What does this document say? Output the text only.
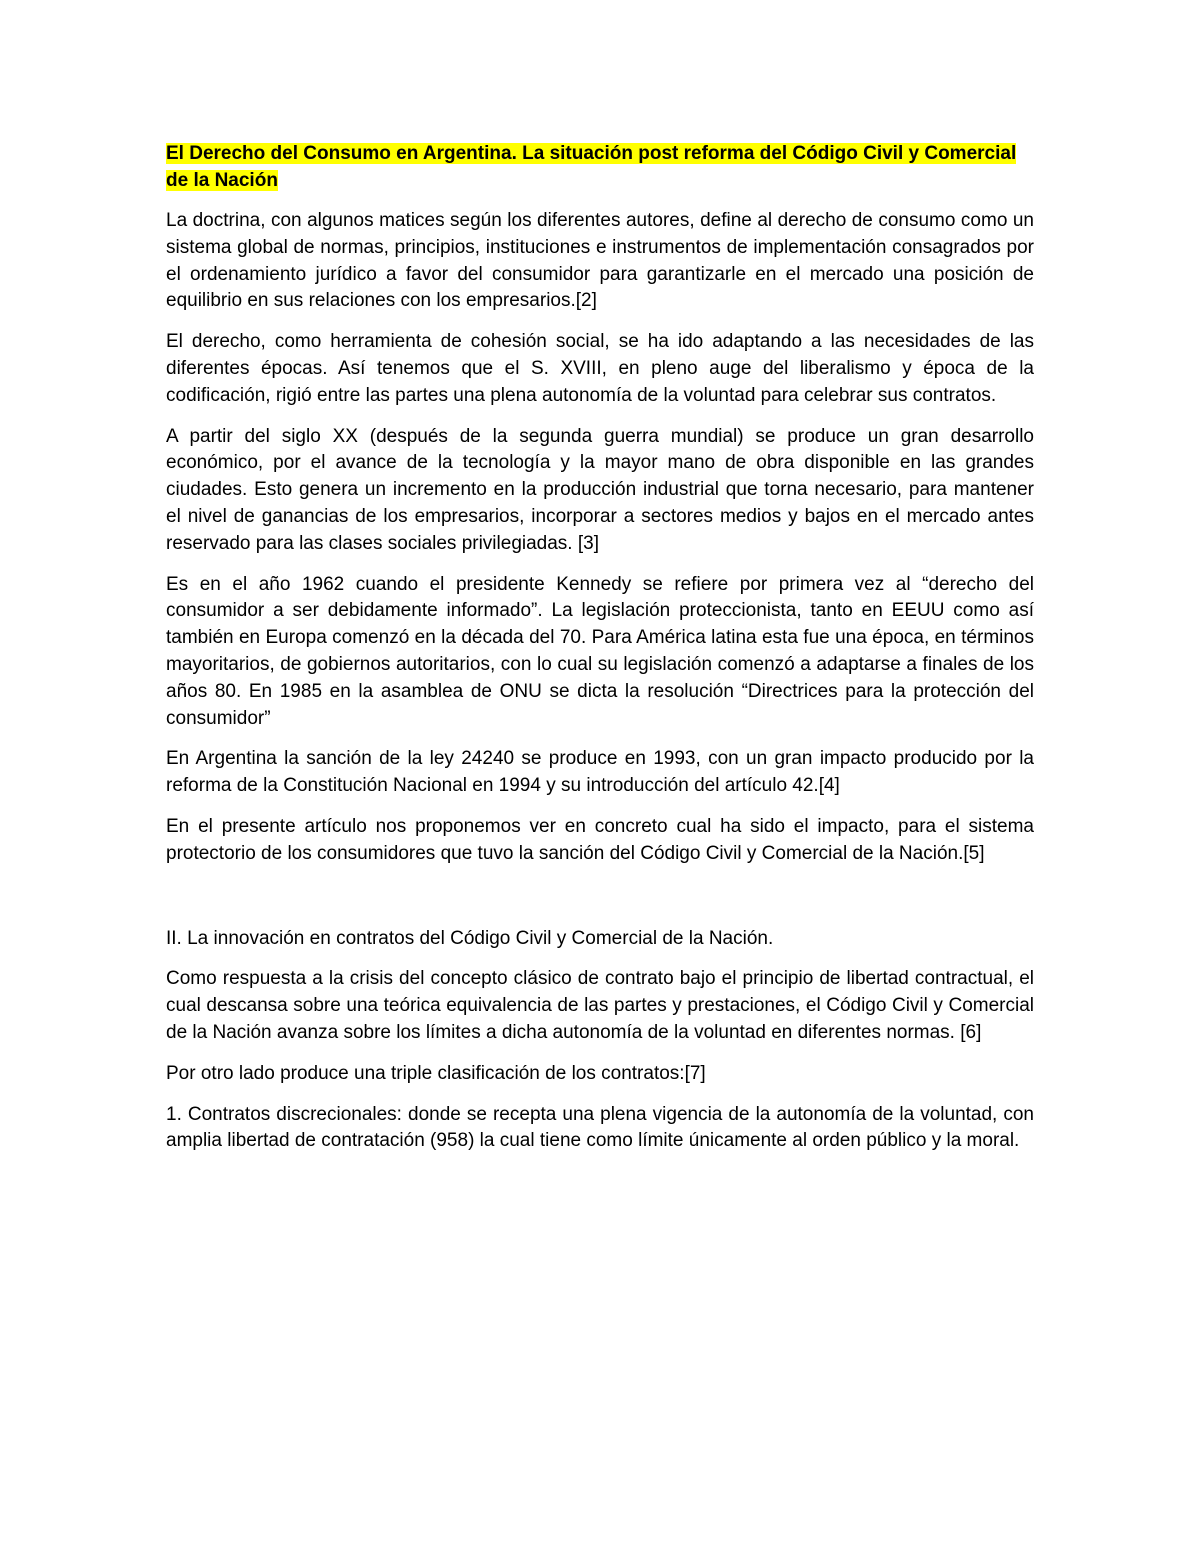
El Derecho del Consumo en Argentina. La situación post reforma del Código Civil y Comercial de la Nación

La doctrina, con algunos matices según los diferentes autores, define al derecho de consumo como un sistema global de normas, principios, instituciones e instrumentos de implementación consagrados por el ordenamiento jurídico a favor del consumidor para garantizarle en el mercado una posición de equilibrio en sus relaciones con los empresarios.[2]

El derecho, como herramienta de cohesión social, se ha ido adaptando a las necesidades de las diferentes épocas. Así tenemos que el S. XVIII, en pleno auge del liberalismo y época de la codificación, rigió entre las partes una plena autonomía de la voluntad para celebrar sus contratos.

A partir del siglo XX (después de la segunda guerra mundial) se produce un gran desarrollo económico, por el avance de la tecnología y la mayor mano de obra disponible en las grandes ciudades. Esto genera un incremento en la producción industrial que torna necesario, para mantener el nivel de ganancias de los empresarios, incorporar a sectores medios y bajos en el mercado antes reservado para las clases sociales privilegiadas. [3]

Es en el año 1962 cuando el presidente Kennedy se refiere por primera vez al “derecho del consumidor a ser debidamente informado”. La legislación proteccionista, tanto en EEUU como así también en Europa comenzó en la década del 70. Para América latina esta fue una época, en términos mayoritarios, de gobiernos autoritarios, con lo cual su legislación comenzó a adaptarse a finales de los años 80. En 1985 en la asamblea de ONU se dicta la resolución “Directrices para la protección del consumidor”

En Argentina la sanción de la ley 24240 se produce en 1993, con un gran impacto producido por la reforma de la Constitución Nacional en 1994 y su introducción del artículo 42.[4]

En el presente artículo nos proponemos ver en concreto cual ha sido el impacto, para el sistema protectorio de los consumidores que tuvo la sanción del Código Civil y Comercial de la Nación.[5]

II. La innovación en contratos del Código Civil y Comercial de la Nación.

Como respuesta a la crisis del concepto clásico de contrato bajo el principio de libertad contractual, el cual descansa sobre una teórica equivalencia de las partes y prestaciones, el Código Civil y Comercial de la Nación avanza sobre los límites a dicha autonomía de la voluntad en diferentes normas. [6]

Por otro lado produce una triple clasificación de los contratos:[7]

1. Contratos discrecionales: donde se recepta una plena vigencia de la autonomía de la voluntad, con amplia libertad de contratación (958) la cual tiene como límite únicamente al orden público y la moral.
